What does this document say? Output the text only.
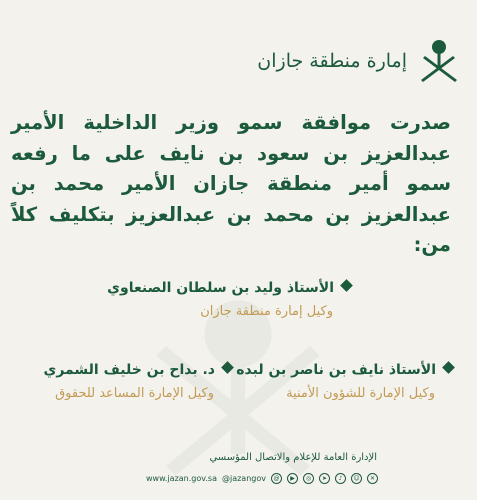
إمارة منطقة جازان
صدرت موافقة سمو وزير الداخلية الأمير عبدالعزيز بن سعود بن نايف على ما رفعه سمو أمير منطقة جازان الأمير محمد بن عبدالعزيز بن محمد بن عبدالعزيز بتكليف كلاً من:
الأستاذ وليد بن سلطان الصنعاوي
وكيل إمارة منطقة جازان
الأستاذ نايف بن ناصر بن لبده
وكيل الإمارة للشؤون الأمنية
د. بداح بن خليف الشمري
وكيل الإمارة المساعد للحقوق
الإدارة العامة للإعلام والاتصال المؤسسي
www.jazan.gov.sa @jazangov	@	▶	◎	➤	♪	☺	✕
